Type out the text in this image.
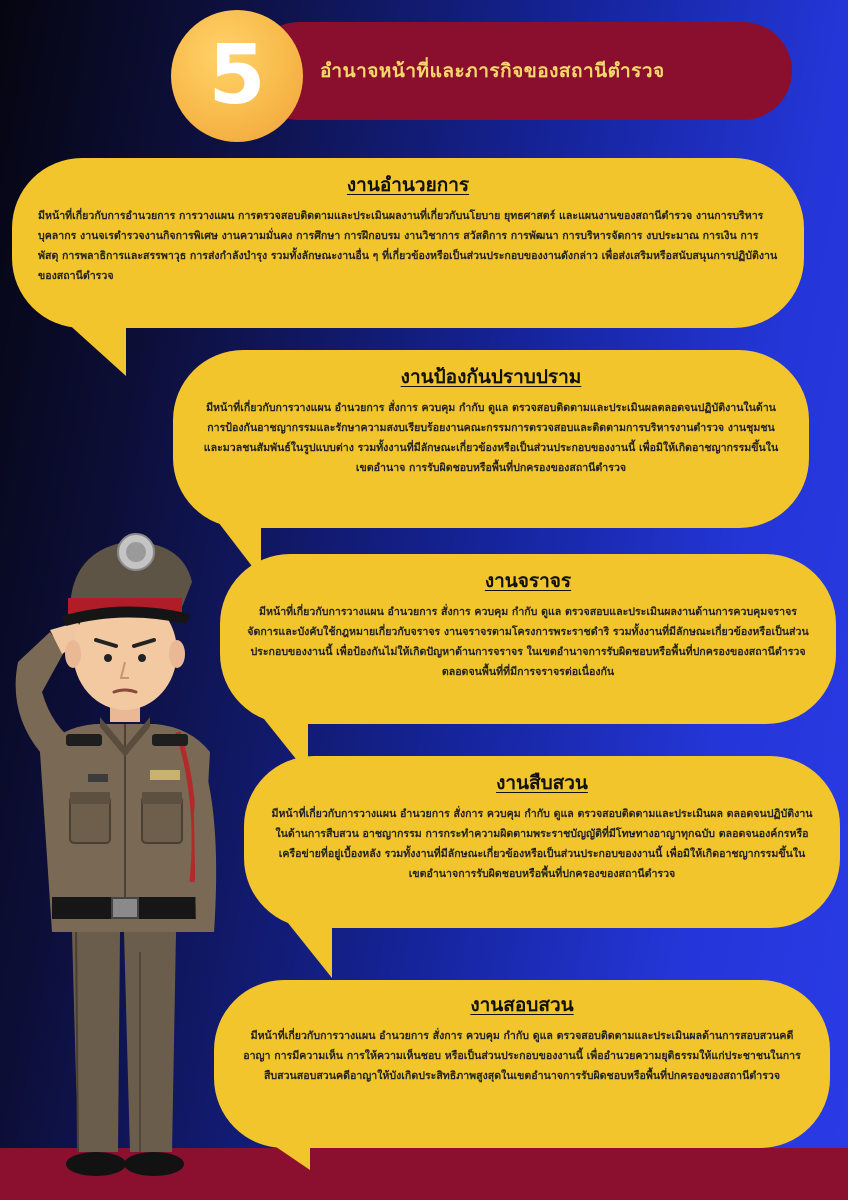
อำนาจหน้าที่และภารกิจของสถานีตำรวจ
5
งานอำนวยการ

มีหน้าที่เกี่ยวกับการอำนวยการ การวางแผน การตรวจสอบติดตามและประเมินผลงานที่เกี่ยวกับนโยบาย ยุทธศาสตร์ และแผนงานของสถานีตำรวจ งานการบริหารบุคลากร งานจเรตำรวจงานกิจการพิเศษ งานความมั่นคง การศึกษา การฝึกอบรม งานวิชาการ สวัสดิการ การพัฒนา การบริหารจัดการ งบประมาณ การเงิน การพัสดุ การพลาธิการและสรรพาวุธ การส่งกำลังบำรุง รวมทั้งลักษณะงานอื่น ๆ ที่เกี่ยวข้องหรือเป็นส่วนประกอบของงานดังกล่าว เพื่อส่งเสริมหรือสนับสนุนการปฏิบัติงานของสถานีตำรวจ

งานป้องกันปราบปราม

มีหน้าที่เกี่ยวกับการวางแผน อำนวยการ สั่งการ ควบคุม กำกับ ดูแล ตรวจสอบติดตามและประเมินผลตลอดจนปฏิบัติงานในด้านการป้องกันอาชญากรรมและรักษาความสงบเรียบร้อยงานคณะกรรมการตรวจสอบและติดตามการบริหารงานตำรวจ งานชุมชนและมวลชนสัมพันธ์ในรูปแบบต่าง รวมทั้งงานที่มีลักษณะเกี่ยวข้องหรือเป็นส่วนประกอบของงานนี้ เพื่อมิให้เกิดอาชญากรรมขึ้นในเขตอำนาจ การรับผิดชอบหรือพื้นที่ปกครองของสถานีตำรวจ

งานจราจร

มีหน้าที่เกี่ยวกับการวางแผน อำนวยการ สั่งการ ควบคุม กำกับ ดูแล ตรวจสอบและประเมินผลงานด้านการควบคุมจราจร จัดการและบังคับใช้กฎหมายเกี่ยวกับจราจร งานจราจรตามโครงการพระราชดำริ รวมทั้งงานที่มีลักษณะเกี่ยวข้องหรือเป็นส่วนประกอบของงานนี้ เพื่อป้องกันไม่ให้เกิดปัญหาด้านการจราจร ในเขตอำนาจการรับผิดชอบหรือพื้นที่ปกครองของสถานีตำรวจ ตลอดจนพื้นที่ที่มีการจราจรต่อเนื่องกัน

งานสืบสวน

มีหน้าที่เกี่ยวกับการวางแผน อำนวยการ สั่งการ ควบคุม กำกับ ดูแล ตรวจสอบติดตามและประเมินผล ตลอดจนปฏิบัติงานในด้านการสืบสวน อาชญากรรม การกระทำความผิดตามพระราชบัญญัติที่มีโทษทางอาญาทุกฉบับ ตลอดจนองค์กรหรือเครือข่ายที่อยู่เบื้องหลัง รวมทั้งงานที่มีลักษณะเกี่ยวข้องหรือเป็นส่วนประกอบของงานนี้ เพื่อมิให้เกิดอาชญากรรมขึ้นในเขตอำนาจการรับผิดชอบหรือพื้นที่ปกครองของสถานีตำรวจ

งานสอบสวน

มีหน้าที่เกี่ยวกับการวางแผน อำนวยการ สั่งการ ควบคุม กำกับ ดูแล ตรวจสอบติดตามและประเมินผลด้านการสอบสวนคดีอาญา การมีความเห็น การให้ความเห็นชอบ หรือเป็นส่วนประกอบของงานนี้ เพื่ออำนวยความยุติธรรมให้แก่ประชาชนในการสืบสวนสอบสวนคดีอาญาให้บังเกิดประสิทธิภาพสูงสุดในเขตอำนาจการรับผิดชอบหรือพื้นที่ปกครองของสถานีตำรวจ
